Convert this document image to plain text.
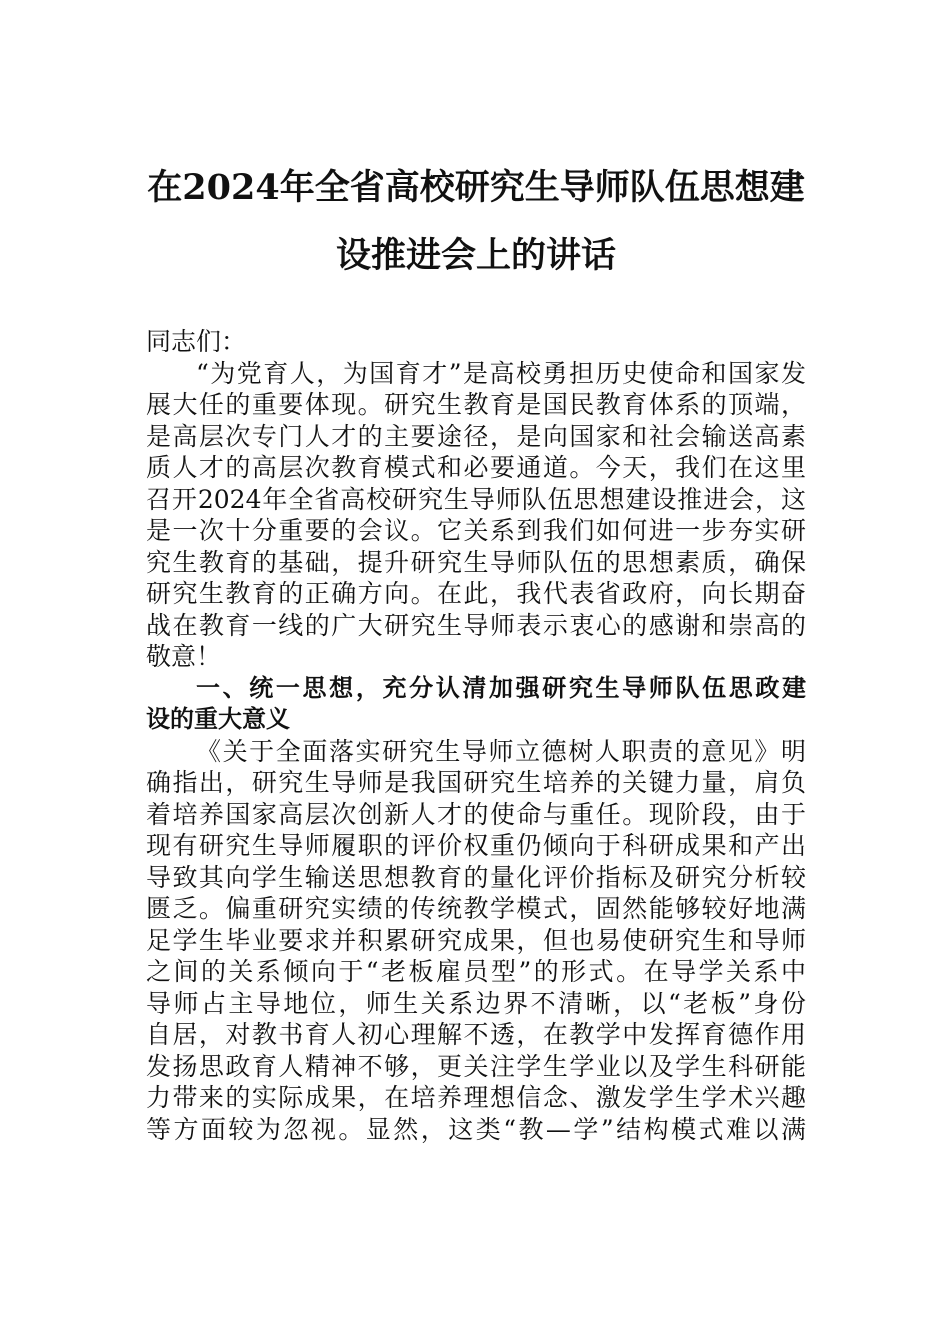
在2024年全省高校研究生导师队伍思想建
设推进会上的讲话
同志们：
“为党育人，为国育才”是高校勇担历史使命和国家发
展大任的重要体现。研究生教育是国民教育体系的顶端，
是高层次专门人才的主要途径，是向国家和社会输送高素
质人才的高层次教育模式和必要通道。今天，我们在这里
召开2024年全省高校研究生导师队伍思想建设推进会，这
是一次十分重要的会议。它关系到我们如何进一步夯实研
究生教育的基础，提升研究生导师队伍的思想素质，确保
研究生教育的正确方向。在此，我代表省政府，向长期奋
战在教育一线的广大研究生导师表示衷心的感谢和崇高的
敬意！
一、统一思想，充分认清加强研究生导师队伍思政建
设的重大意义
《关于全面落实研究生导师立德树人职责的意见》明
确指出，研究生导师是我国研究生培养的关键力量，肩负
着培养国家高层次创新人才的使命与重任。现阶段，由于
现有研究生导师履职的评价权重仍倾向于科研成果和产出
导致其向学生输送思想教育的量化评价指标及研究分析较
匮乏。偏重研究实绩的传统教学模式，固然能够较好地满
足学生毕业要求并积累研究成果，但也易使研究生和导师
之间的关系倾向于“老板雇员型”的形式。在导学关系中
导师占主导地位，师生关系边界不清晰，以“老板”身份
自居，对教书育人初心理解不透，在教学中发挥育德作用
发扬思政育人精神不够，更关注学生学业以及学生科研能
力带来的实际成果，在培养理想信念、激发学生学术兴趣
等方面较为忽视。显然，这类“教—学”结构模式难以满
